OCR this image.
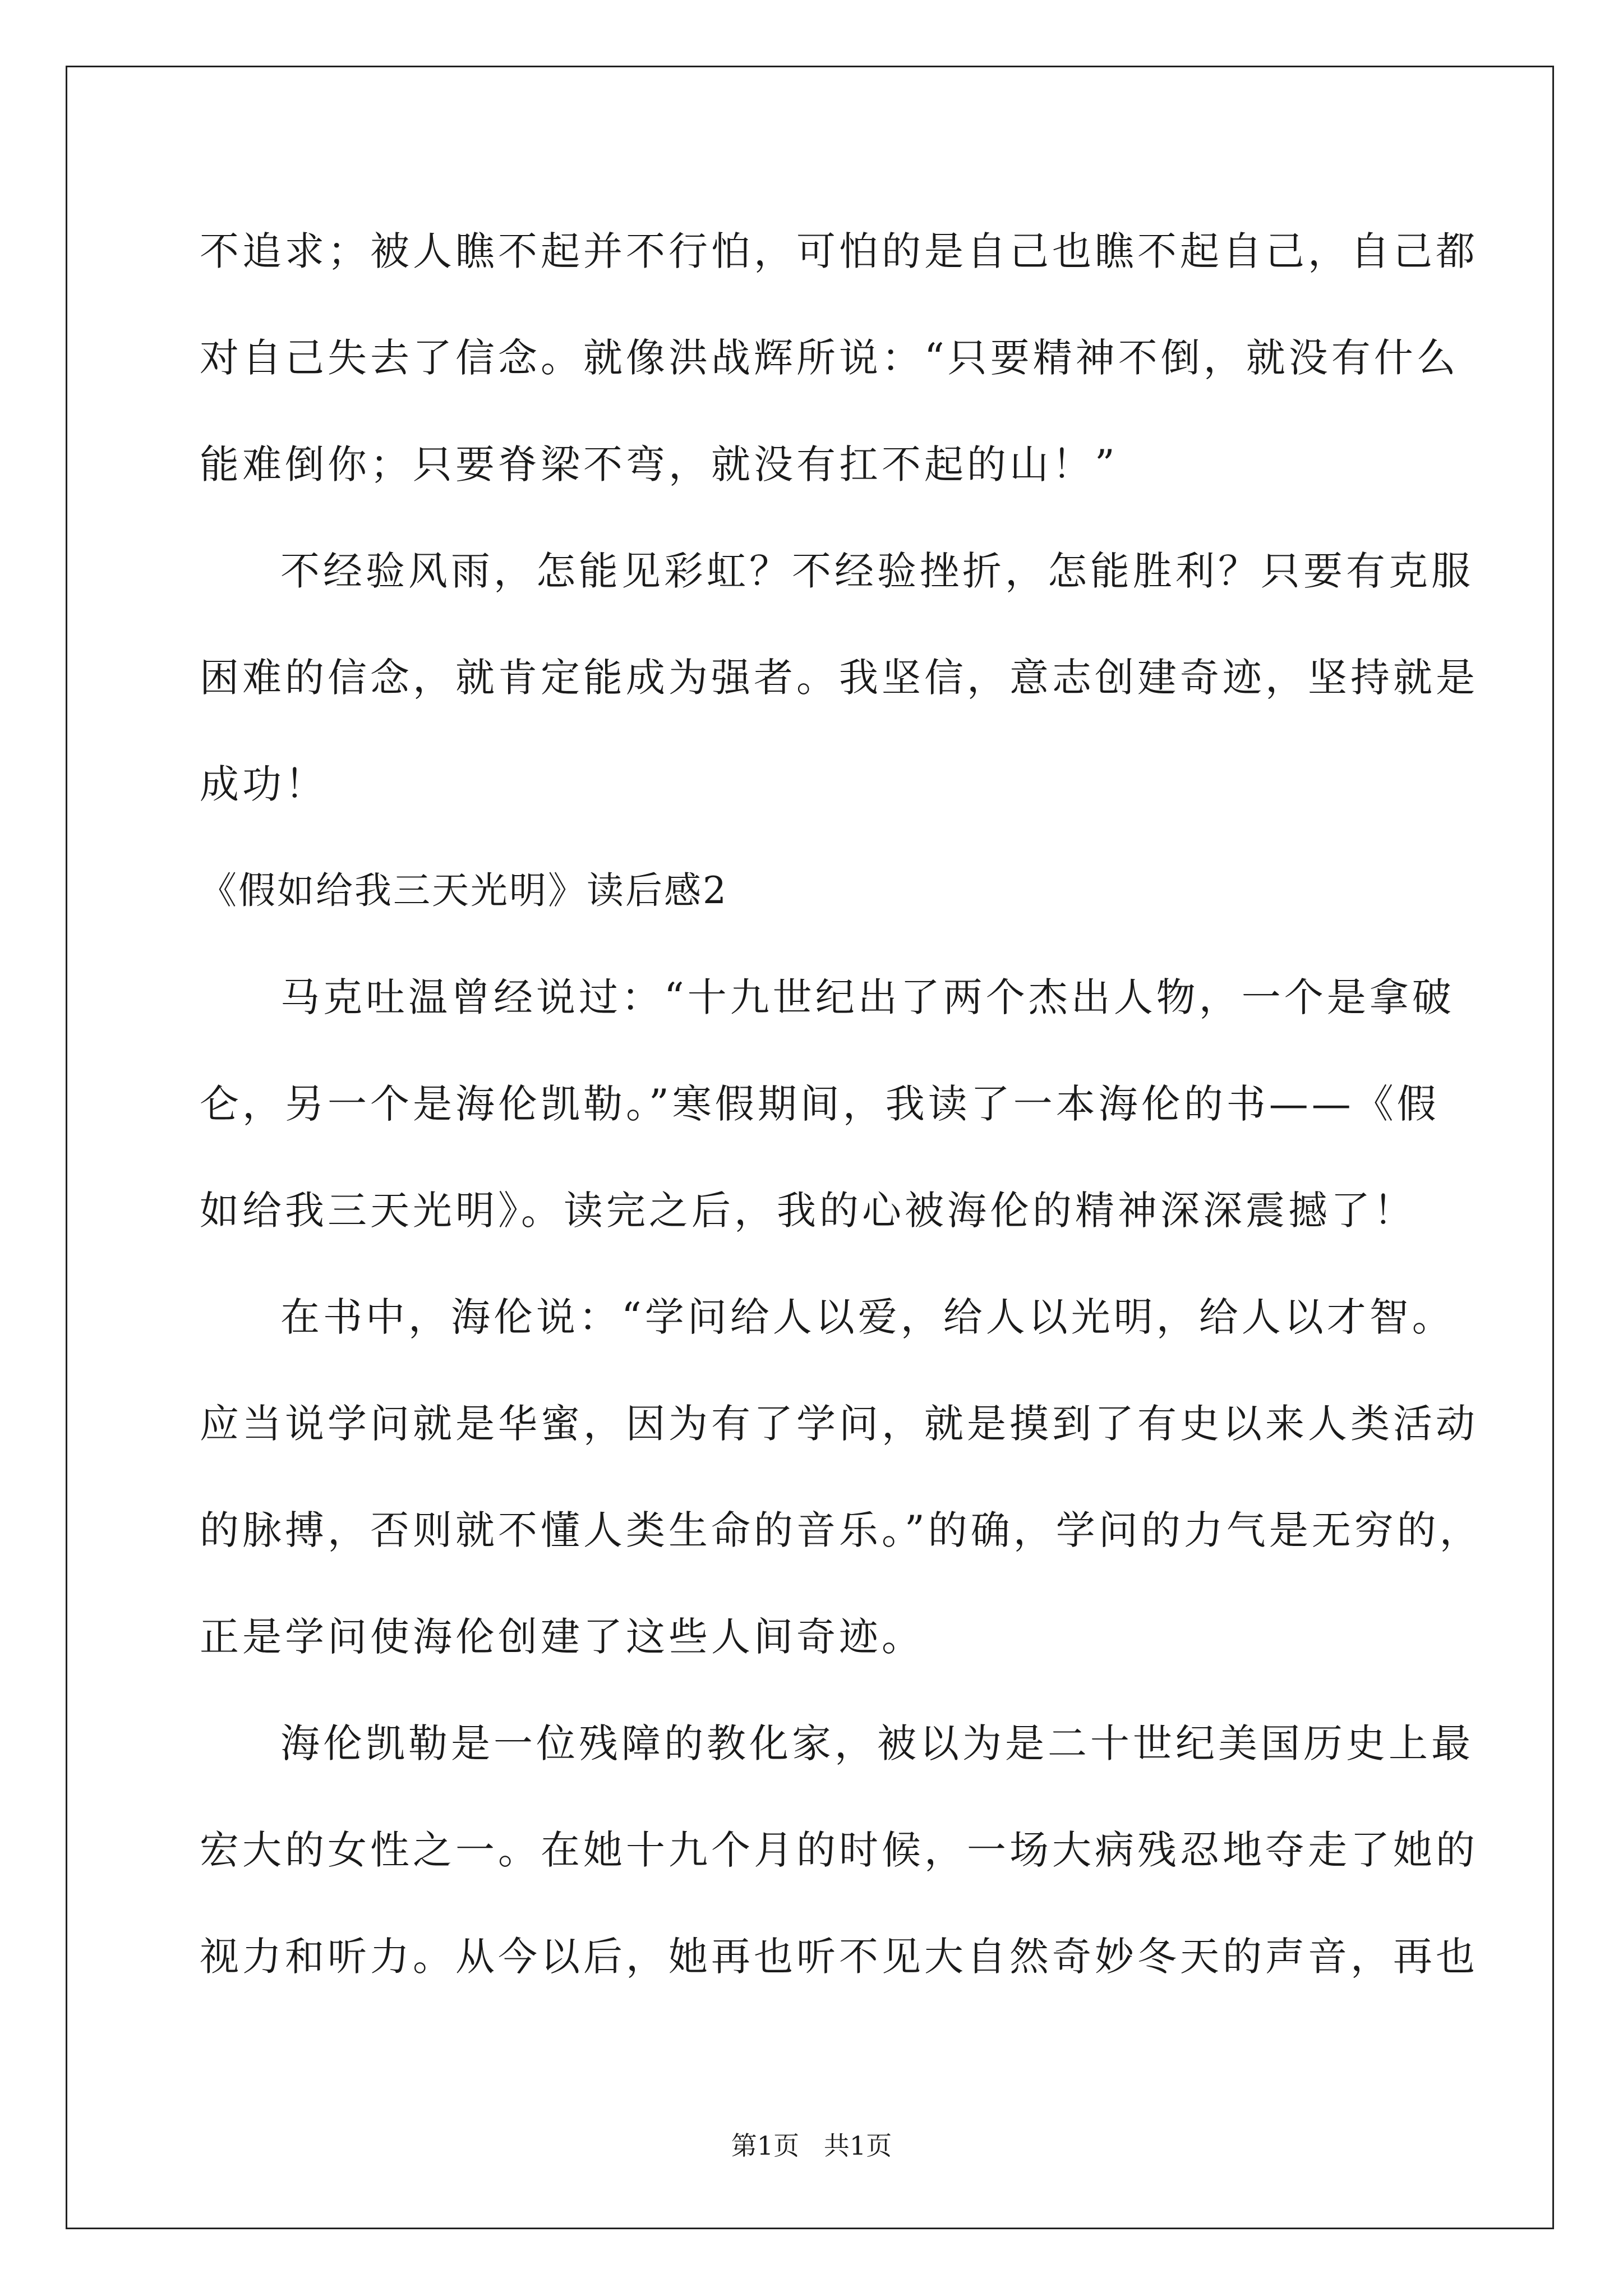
不追求；被人瞧不起并不行怕，可怕的是自己也瞧不起自己，自己都
对自己失去了信念。就像洪战辉所说：“只要精神不倒，就没有什么
能难倒你；只要脊梁不弯，就没有扛不起的山！”
不经验风雨，怎能见彩虹？不经验挫折，怎能胜利？只要有克服
困难的信念，就肯定能成为强者。我坚信，意志创建奇迹，坚持就是
成功！
《假如给我三天光明》读后感2
马克吐温曾经说过：“十九世纪出了两个杰出人物，一个是拿破
仑，另一个是海伦凯勒。”寒假期间，我读了一本海伦的书——《假
如给我三天光明》。读完之后，我的心被海伦的精神深深震撼了！
在书中，海伦说：“学问给人以爱，给人以光明，给人以才智。
应当说学问就是华蜜，因为有了学问，就是摸到了有史以来人类活动
的脉搏，否则就不懂人类生命的音乐。”的确，学问的力气是无穷的，
正是学问使海伦创建了这些人间奇迹。
海伦凯勒是一位残障的教化家，被以为是二十世纪美国历史上最
宏大的女性之一。在她十九个月的时候，一场大病残忍地夺走了她的
视力和听力。从今以后，她再也听不见大自然奇妙冬天的声音，再也
第1页   共1页
